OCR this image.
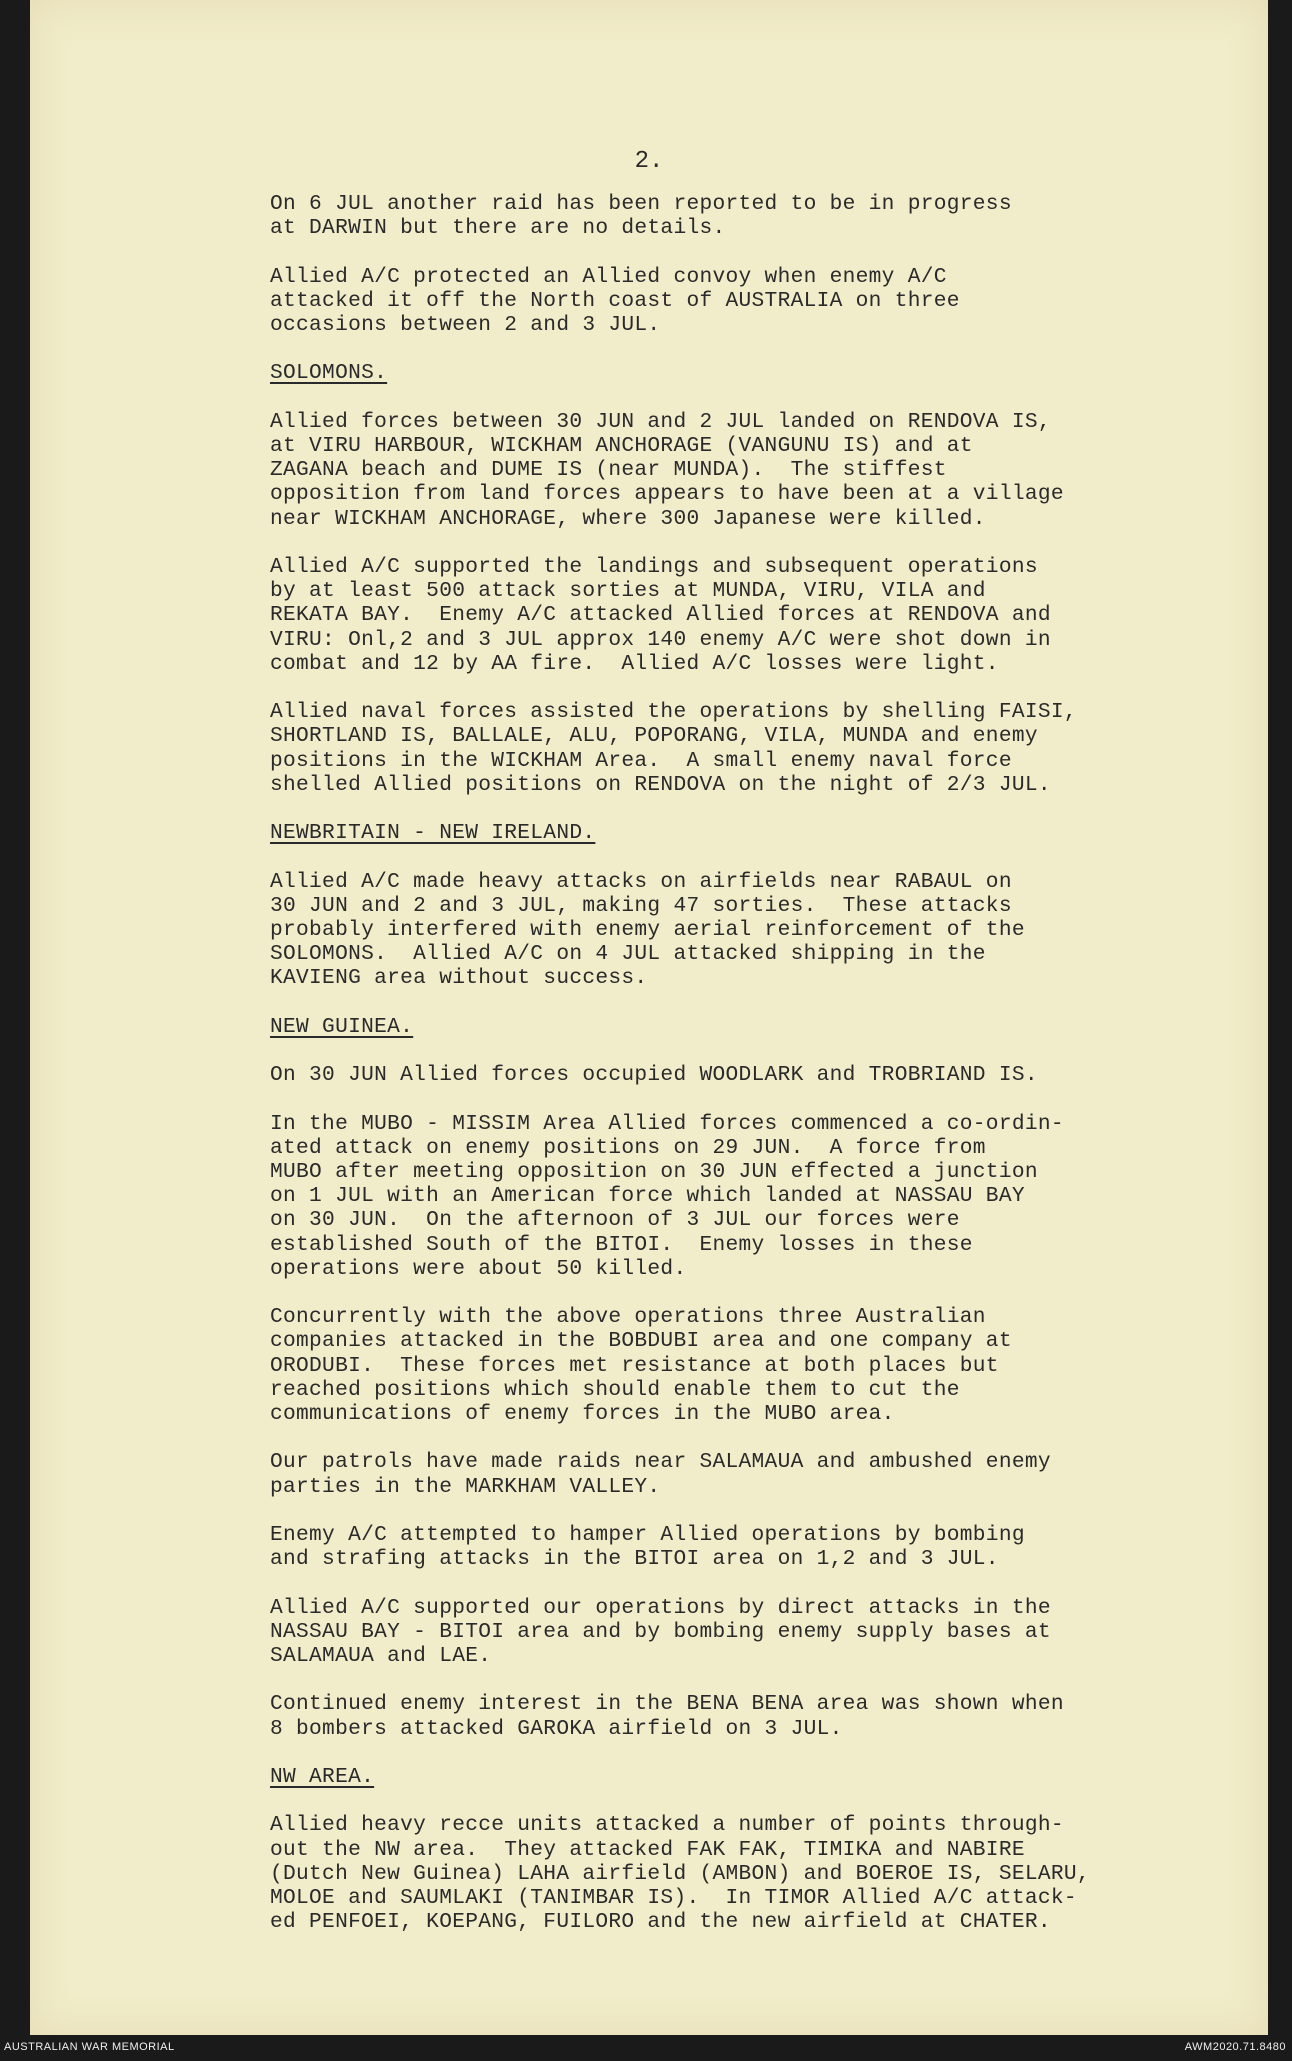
2.
On 6 JUL another raid has been reported to be in progress
at DARWIN but there are no details.
Allied A/C protected an Allied convoy when enemy A/C
attacked it off the North coast of AUSTRALIA on three
occasions between 2 and 3 JUL.
SOLOMONS.
Allied forces between 30 JUN and 2 JUL landed on RENDOVA IS,
at VIRU HARBOUR, WICKHAM ANCHORAGE (VANGUNU IS) and at
ZAGANA beach and DUME IS (near MUNDA).  The stiffest
opposition from land forces appears to have been at a village
near WICKHAM ANCHORAGE, where 300 Japanese were killed.
Allied A/C supported the landings and subsequent operations
by at least 500 attack sorties at MUNDA, VIRU, VILA and
REKATA BAY.  Enemy A/C attacked Allied forces at RENDOVA and
VIRU: Onl,2 and 3 JUL approx 140 enemy A/C were shot down in
combat and 12 by AA fire.  Allied A/C losses were light.
Allied naval forces assisted the operations by shelling FAISI,
SHORTLAND IS, BALLALE, ALU, POPORANG, VILA, MUNDA and enemy
positions in the WICKHAM Area.  A small enemy naval force
shelled Allied positions on RENDOVA on the night of 2/3 JUL.
NEWBRITAIN - NEW IRELAND.
Allied A/C made heavy attacks on airfields near RABAUL on
30 JUN and 2 and 3 JUL, making 47 sorties.  These attacks
probably interfered with enemy aerial reinforcement of the
SOLOMONS.  Allied A/C on 4 JUL attacked shipping in the
KAVIENG area without success.
NEW GUINEA.
On 30 JUN Allied forces occupied WOODLARK and TROBRIAND IS.
In the MUBO - MISSIM Area Allied forces commenced a co-ordin-
ated attack on enemy positions on 29 JUN.  A force from
MUBO after meeting opposition on 30 JUN effected a junction
on 1 JUL with an American force which landed at NASSAU BAY
on 30 JUN.  On the afternoon of 3 JUL our forces were
established South of the BITOI.  Enemy losses in these
operations were about 50 killed.
Concurrently with the above operations three Australian
companies attacked in the BOBDUBI area and one company at
ORODUBI.  These forces met resistance at both places but
reached positions which should enable them to cut the
communications of enemy forces in the MUBO area.
Our patrols have made raids near SALAMAUA and ambushed enemy
parties in the MARKHAM VALLEY.
Enemy A/C attempted to hamper Allied operations by bombing
and strafing attacks in the BITOI area on 1,2 and 3 JUL.
Allied A/C supported our operations by direct attacks in the
NASSAU BAY - BITOI area and by bombing enemy supply bases at
SALAMAUA and LAE.
Continued enemy interest in the BENA BENA area was shown when
8 bombers attacked GAROKA airfield on 3 JUL.
NW AREA.
Allied heavy recce units attacked a number of points through-
out the NW area.  They attacked FAK FAK, TIMIKA and NABIRE
(Dutch New Guinea) LAHA airfield (AMBON) and BOEROE IS, SELARU,
MOLOE and SAUMLAKI (TANIMBAR IS).  In TIMOR Allied A/C attack-
ed PENFOEI, KOEPANG, FUILORO and the new airfield at CHATER.
AUSTRALIAN WAR MEMORIAL	AWM2020.71.8480
